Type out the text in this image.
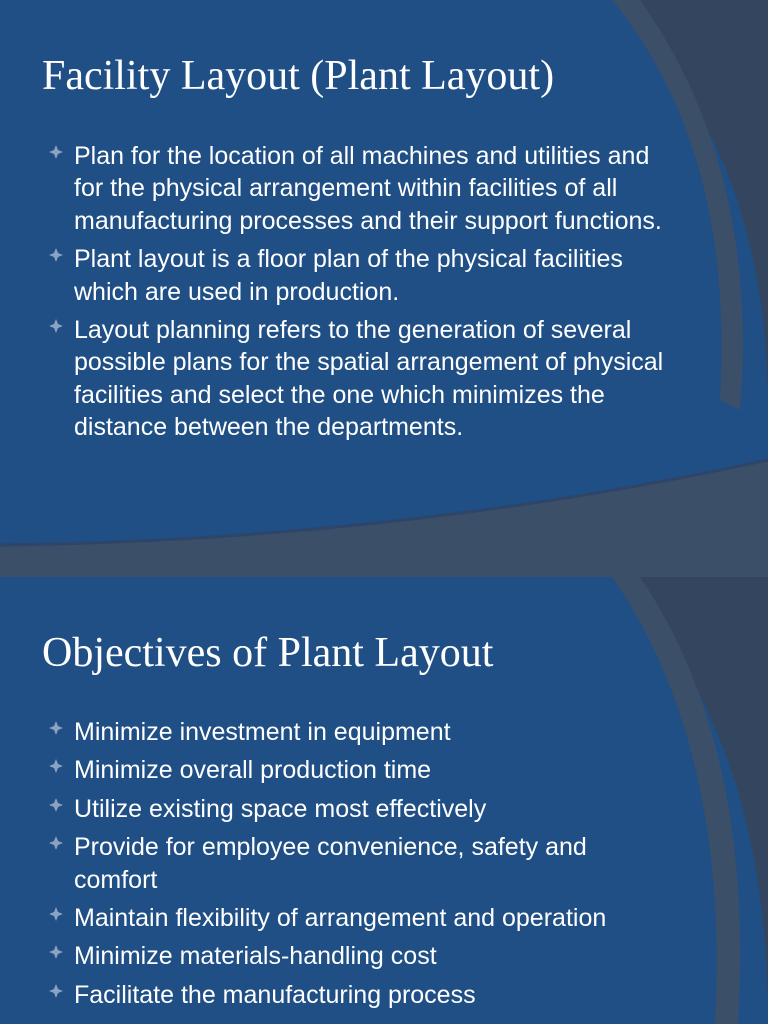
Facility Layout (Plant Layout)
Plan for the location of all machines and utilities and for the physical arrangement within facilities of all manufacturing processes and their support functions.
Plant layout is a floor plan of the physical facilities which are used in production.
Layout planning refers to the generation of several possible plans for the spatial arrangement of physical facilities and select the one which minimizes the distance between the departments.
Objectives of Plant Layout
Minimize investment in equipment
Minimize overall production time
Utilize existing space most effectively
Provide for employee convenience, safety and comfort
Maintain flexibility of arrangement and operation
Minimize materials-handling cost
Facilitate the manufacturing process
